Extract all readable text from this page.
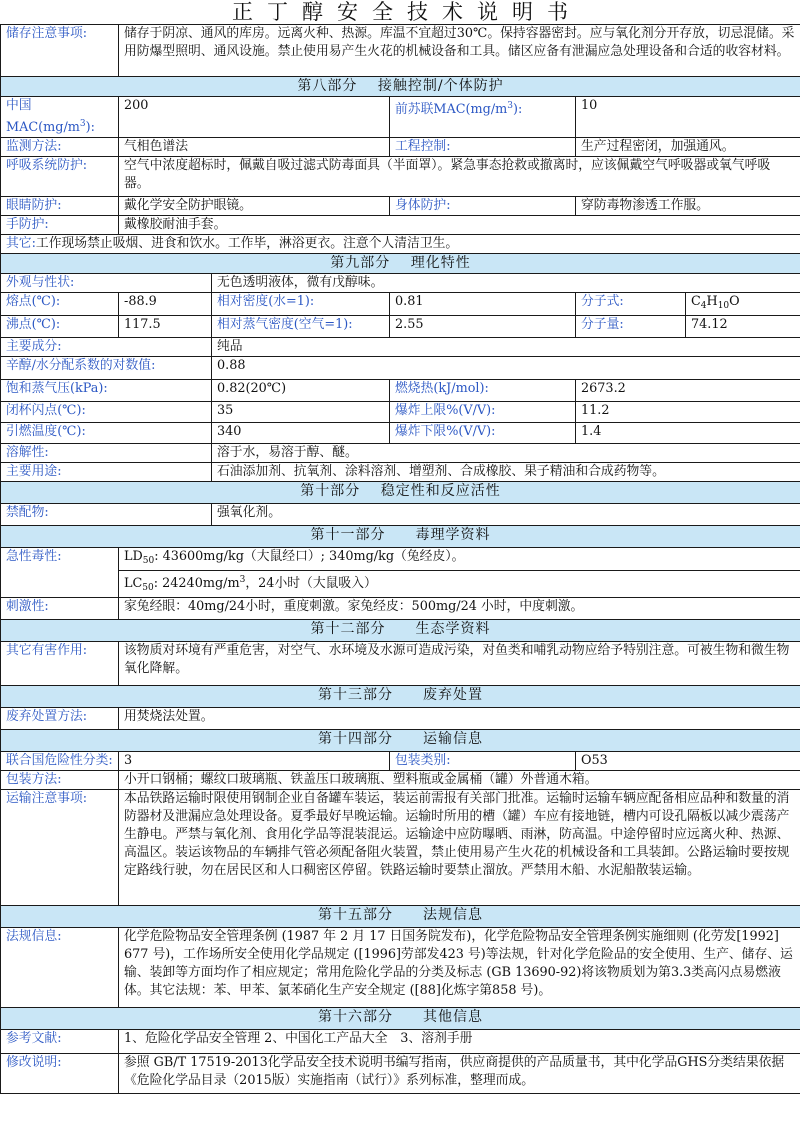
正丁醇安全技术说明书
储存注意事项:	储存于阴凉、通风的库房。远离火种、热源。库温不宜超过30℃。保持容器密封。应与氧化剂分开存放，切忌混储。采用防爆型照明、通风设施。禁止使用易产生火花的机械设备和工具。储区应备有泄漏应急处理设备和合适的收容材料。				
第八部分　 接触控制/个体防护					
中国$MAC(mg/m^3)$:	200		前苏联$MAC(mg/m^3)$:	10	
监测方法:	气相色谱法		工程控制:	生产过程密闭，加强通风。	
呼吸系统防护:	空气中浓度超标时，佩戴自吸过滤式防毒面具（半面罩）。紧急事态抢救或撤离时，应该佩戴空气呼吸器或氧气呼吸器。				
眼睛防护:	戴化学安全防护眼镜。		身体防护:	穿防毒物渗透工作服。	
手防护:	戴橡胶耐油手套。				
其它:工作现场禁止吸烟、进食和饮水。工作毕，淋浴更衣。注意个人清洁卫生。					
第九部分　 理化特性					
外观与性状:		无色透明液体，微有戊醇味。			
熔点(℃):	-88.9	相对密度(水=1):	0.81	分子式:	$C_4H_{10}O$
沸点(℃):	117.5	相对蒸气密度(空气=1):	2.55	分子量:	74.12
主要成分:		纯品			
辛醇/水分配系数的对数值:		0.88			
饱和蒸气压(kPa):		0.82(20℃)	燃烧热(kJ/mol):	2673.2	
闭杯闪点(℃):		35	爆炸上限%(V/V):	11.2	
引燃温度(℃):		340	爆炸下限%(V/V):	1.4	
溶解性:		溶于水，易溶于醇、醚。			
主要用途:		石油添加剂、抗氧剂、涂料溶剂、增塑剂、合成橡胶、果子精油和合成药物等。			
第十部分　 稳定性和反应活性					
禁配物:		强氧化剂。			
第十一部分　　毒理学资料					
急性毒性:	$LD_{50}$: 43600mg/kg（大鼠经口）; 340mg/kg（兔经皮）。				
	$LC_{50}$: $24240mg/m^3$，24小时（大鼠吸入）				
刺激性:	家兔经眼：40mg/24小时，重度刺激。家兔经皮：500mg/24 小时，中度刺激。				
第十二部分　　生态学资料					
其它有害作用:	该物质对环境有严重危害，对空气、水环境及水源可造成污染，对鱼类和哺乳动物应给予特别注意。可被生物和微生物氧化降解。				
第十三部分　　废弃处置					
废弃处置方法:	用焚烧法处置。				
第十四部分　　运输信息					
联合国危险性分类:	3		包装类别:	O53	
包装方法:	小开口钢桶；螺纹口玻璃瓶、铁盖压口玻璃瓶、塑料瓶或金属桶（罐）外普通木箱。				
运输注意事项:	本品铁路运输时限使用钢制企业自备罐车装运，装运前需报有关部门批准。运输时运输车辆应配备相应品种和数量的消防器材及泄漏应急处理设备。夏季最好早晚运输。运输时所用的槽（罐）车应有接地链，槽内可设孔隔板以减少震荡产生静电。严禁与氧化剂、食用化学品等混装混运。运输途中应防曝晒、雨淋，防高温。中途停留时应远离火种、热源、高温区。装运该物品的车辆排气管必须配备阻火装置，禁止使用易产生火花的机械设备和工具装卸。公路运输时要按规定路线行驶，勿在居民区和人口稠密区停留。铁路运输时要禁止溜放。严禁用木船、水泥船散装运输。				
第十五部分　　法规信息					
法规信息:	化学危险物品安全管理条例 (1987 年 2 月 17 日国务院发布)，化学危险物品安全管理条例实施细则 (化劳发[1992] 677 号)，工作场所安全使用化学品规定 ([1996]劳部发423 号)等法规，针对化学危险品的安全使用、生产、储存、运输、装卸等方面均作了相应规定；常用危险化学品的分类及标志 (GB 13690-92)将该物质划为第3.3类高闪点易燃液体。其它法规：苯、甲苯、氯苯硝化生产安全规定 ([88]化炼字第858 号)。				
第十六部分　　其他信息					
参考文献:	1、危险化学品安全管理 2、中国化工产品大全　3、溶剂手册				
修改说明:	参照 GB/T 17519-2013化学品安全技术说明书编写指南，供应商提供的产品质量书，其中化学品GHS分类结果依据《危险化学品目录（2015版）实施指南（试行）》系列标准，整理而成。				
